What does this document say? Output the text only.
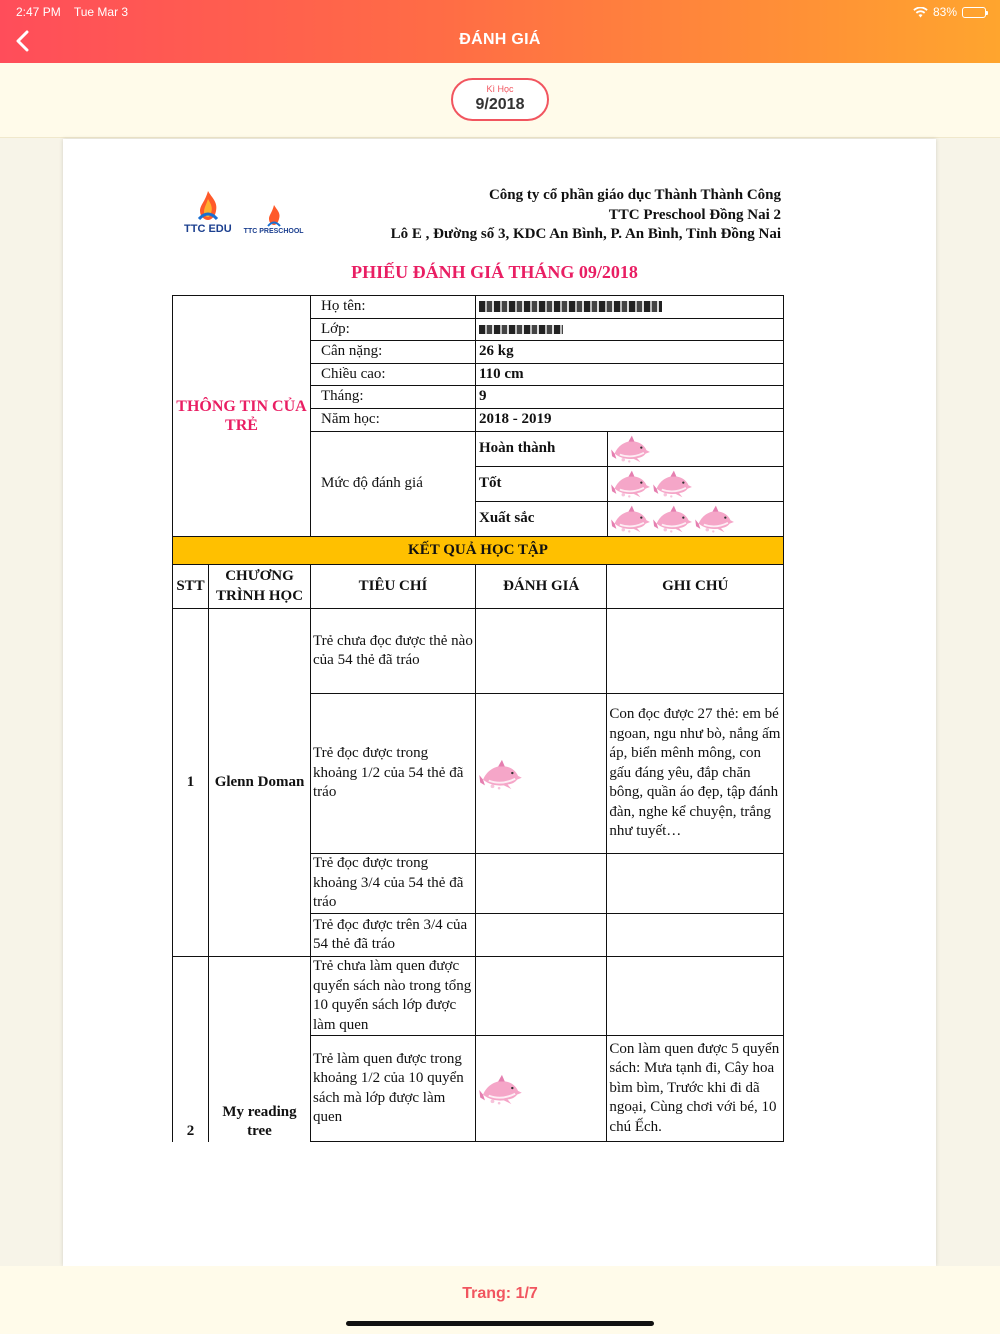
2:47 PM Tue Mar 3	83%
ĐÁNH GIÁ
Kì Học
9/2018
TTC EDU TTC PRESCHOOL
Công ty cổ phần giáo dục Thành Thành Công
TTC Preschool Đồng Nai 2
Lô E , Đường số 3, KDC An Bình, P. An Bình, Tỉnh Đồng Nai
PHIẾU ĐÁNH GIÁ THÁNG 09/2018
THÔNG TIN CỦA TRẺ	Họ tên:	
Lớp:	
Cân nặng:	26 kg
Chiều cao:	110 cm
Tháng:	9
Năm học:	2018 - 2019
Mức độ đánh giá	
Hoàn thành	
Tốt	
Xuất sắc	

KẾT QUẢ HỌC TẬP
STT	CHƯƠNG TRÌNH HỌC	TIÊU CHÍ	ĐÁNH GIÁ	GHI CHÚ
1	Glenn Doman	Trẻ chưa đọc được thẻ nào của 54 thẻ đã tráo		
Trẻ đọc được trong khoảng 1/2 của 54 thẻ đã tráo		Con đọc được 27 thẻ: em bé ngoan, ngu như bò, nắng ấm áp, biển mênh mông, con gấu đáng yêu, đắp chăn bông, quần áo đẹp, tập đánh đàn, nghe kể chuyện, trắng như tuyết…
Trẻ đọc được trong khoảng 3/4 của 54 thẻ đã tráo		
Trẻ đọc được trên 3/4 của 54 thẻ đã tráo		
2	My reading tree	Trẻ chưa làm quen được quyển sách nào trong tổng 10 quyển sách lớp được làm quen		
Trẻ làm quen được trong khoảng 1/2 của 10 quyển sách mà lớp được làm quen		Con làm quen được 5 quyển sách: Mưa tạnh đi, Cây hoa bìm bìm, Trước khi đi dã ngoại, Cùng chơi với bé, 10 chú Ếch.
Trang: 1/7
